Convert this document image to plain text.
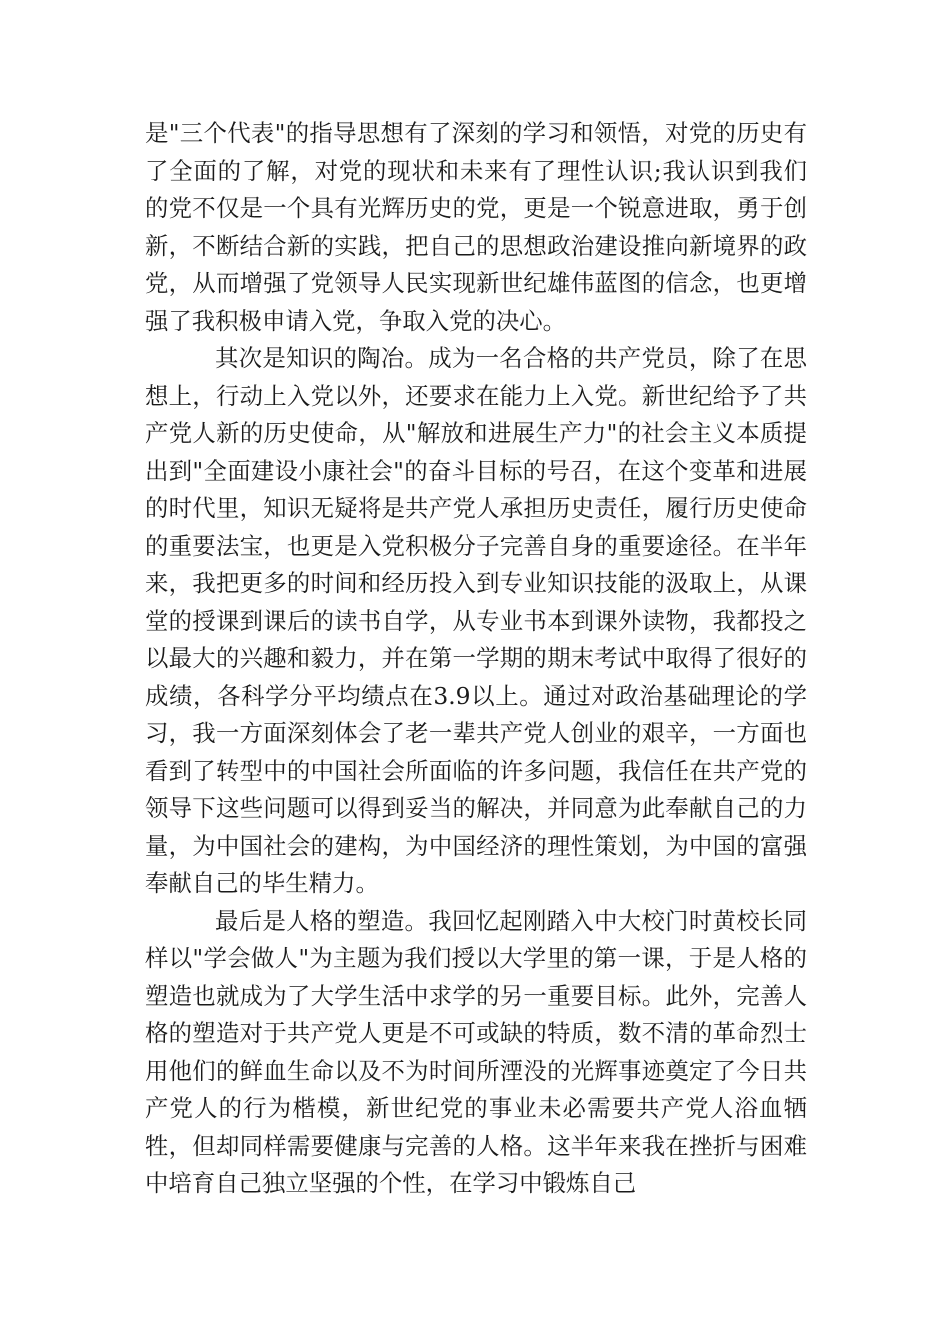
是"三个代表"的指导思想有了深刻的学习和领悟，对党的历史有了全面的了解，对党的现状和未来有了理性认识;我认识到我们的党不仅是一个具有光辉历史的党，更是一个锐意进取，勇于创新，不断结合新的实践，把自己的思想政治建设推向新境界的政党，从而增强了党领导人民实现新世纪雄伟蓝图的信念，也更增强了我积极申请入党，争取入党的决心。

其次是知识的陶冶。成为一名合格的共产党员，除了在思想上，行动上入党以外，还要求在能力上入党。新世纪给予了共产党人新的历史使命，从"解放和进展生产力"的社会主义本质提出到"全面建设小康社会"的奋斗目标的号召，在这个变革和进展的时代里，知识无疑将是共产党人承担历史责任，履行历史使命的重要法宝，也更是入党积极分子完善自身的重要途径。在半年来，我把更多的时间和经历投入到专业知识技能的汲取上，从课堂的授课到课后的读书自学，从专业书本到课外读物，我都投之以最大的兴趣和毅力，并在第一学期的期末考试中取得了很好的成绩，各科学分平均绩点在3.9以上。通过对政治基础理论的学习，我一方面深刻体会了老一辈共产党人创业的艰辛，一方面也看到了转型中的中国社会所面临的许多问题，我信任在共产党的领导下这些问题可以得到妥当的解决，并同意为此奉献自己的力量，为中国社会的建构，为中国经济的理性策划，为中国的富强奉献自己的毕生精力。

最后是人格的塑造。我回忆起刚踏入中大校门时黄校长同样以"学会做人"为主题为我们授以大学里的第一课，于是人格的塑造也就成为了大学生活中求学的另一重要目标。此外，完善人格的塑造对于共产党人更是不可或缺的特质，数不清的革命烈士用他们的鲜血生命以及不为时间所湮没的光辉事迹奠定了今日共产党人的行为楷模，新世纪党的事业未必需要共产党人浴血牺牲，但却同样需要健康与完善的人格。这半年来我在挫折与困难中培育自己独立坚强的个性，在学习中锻炼自己
